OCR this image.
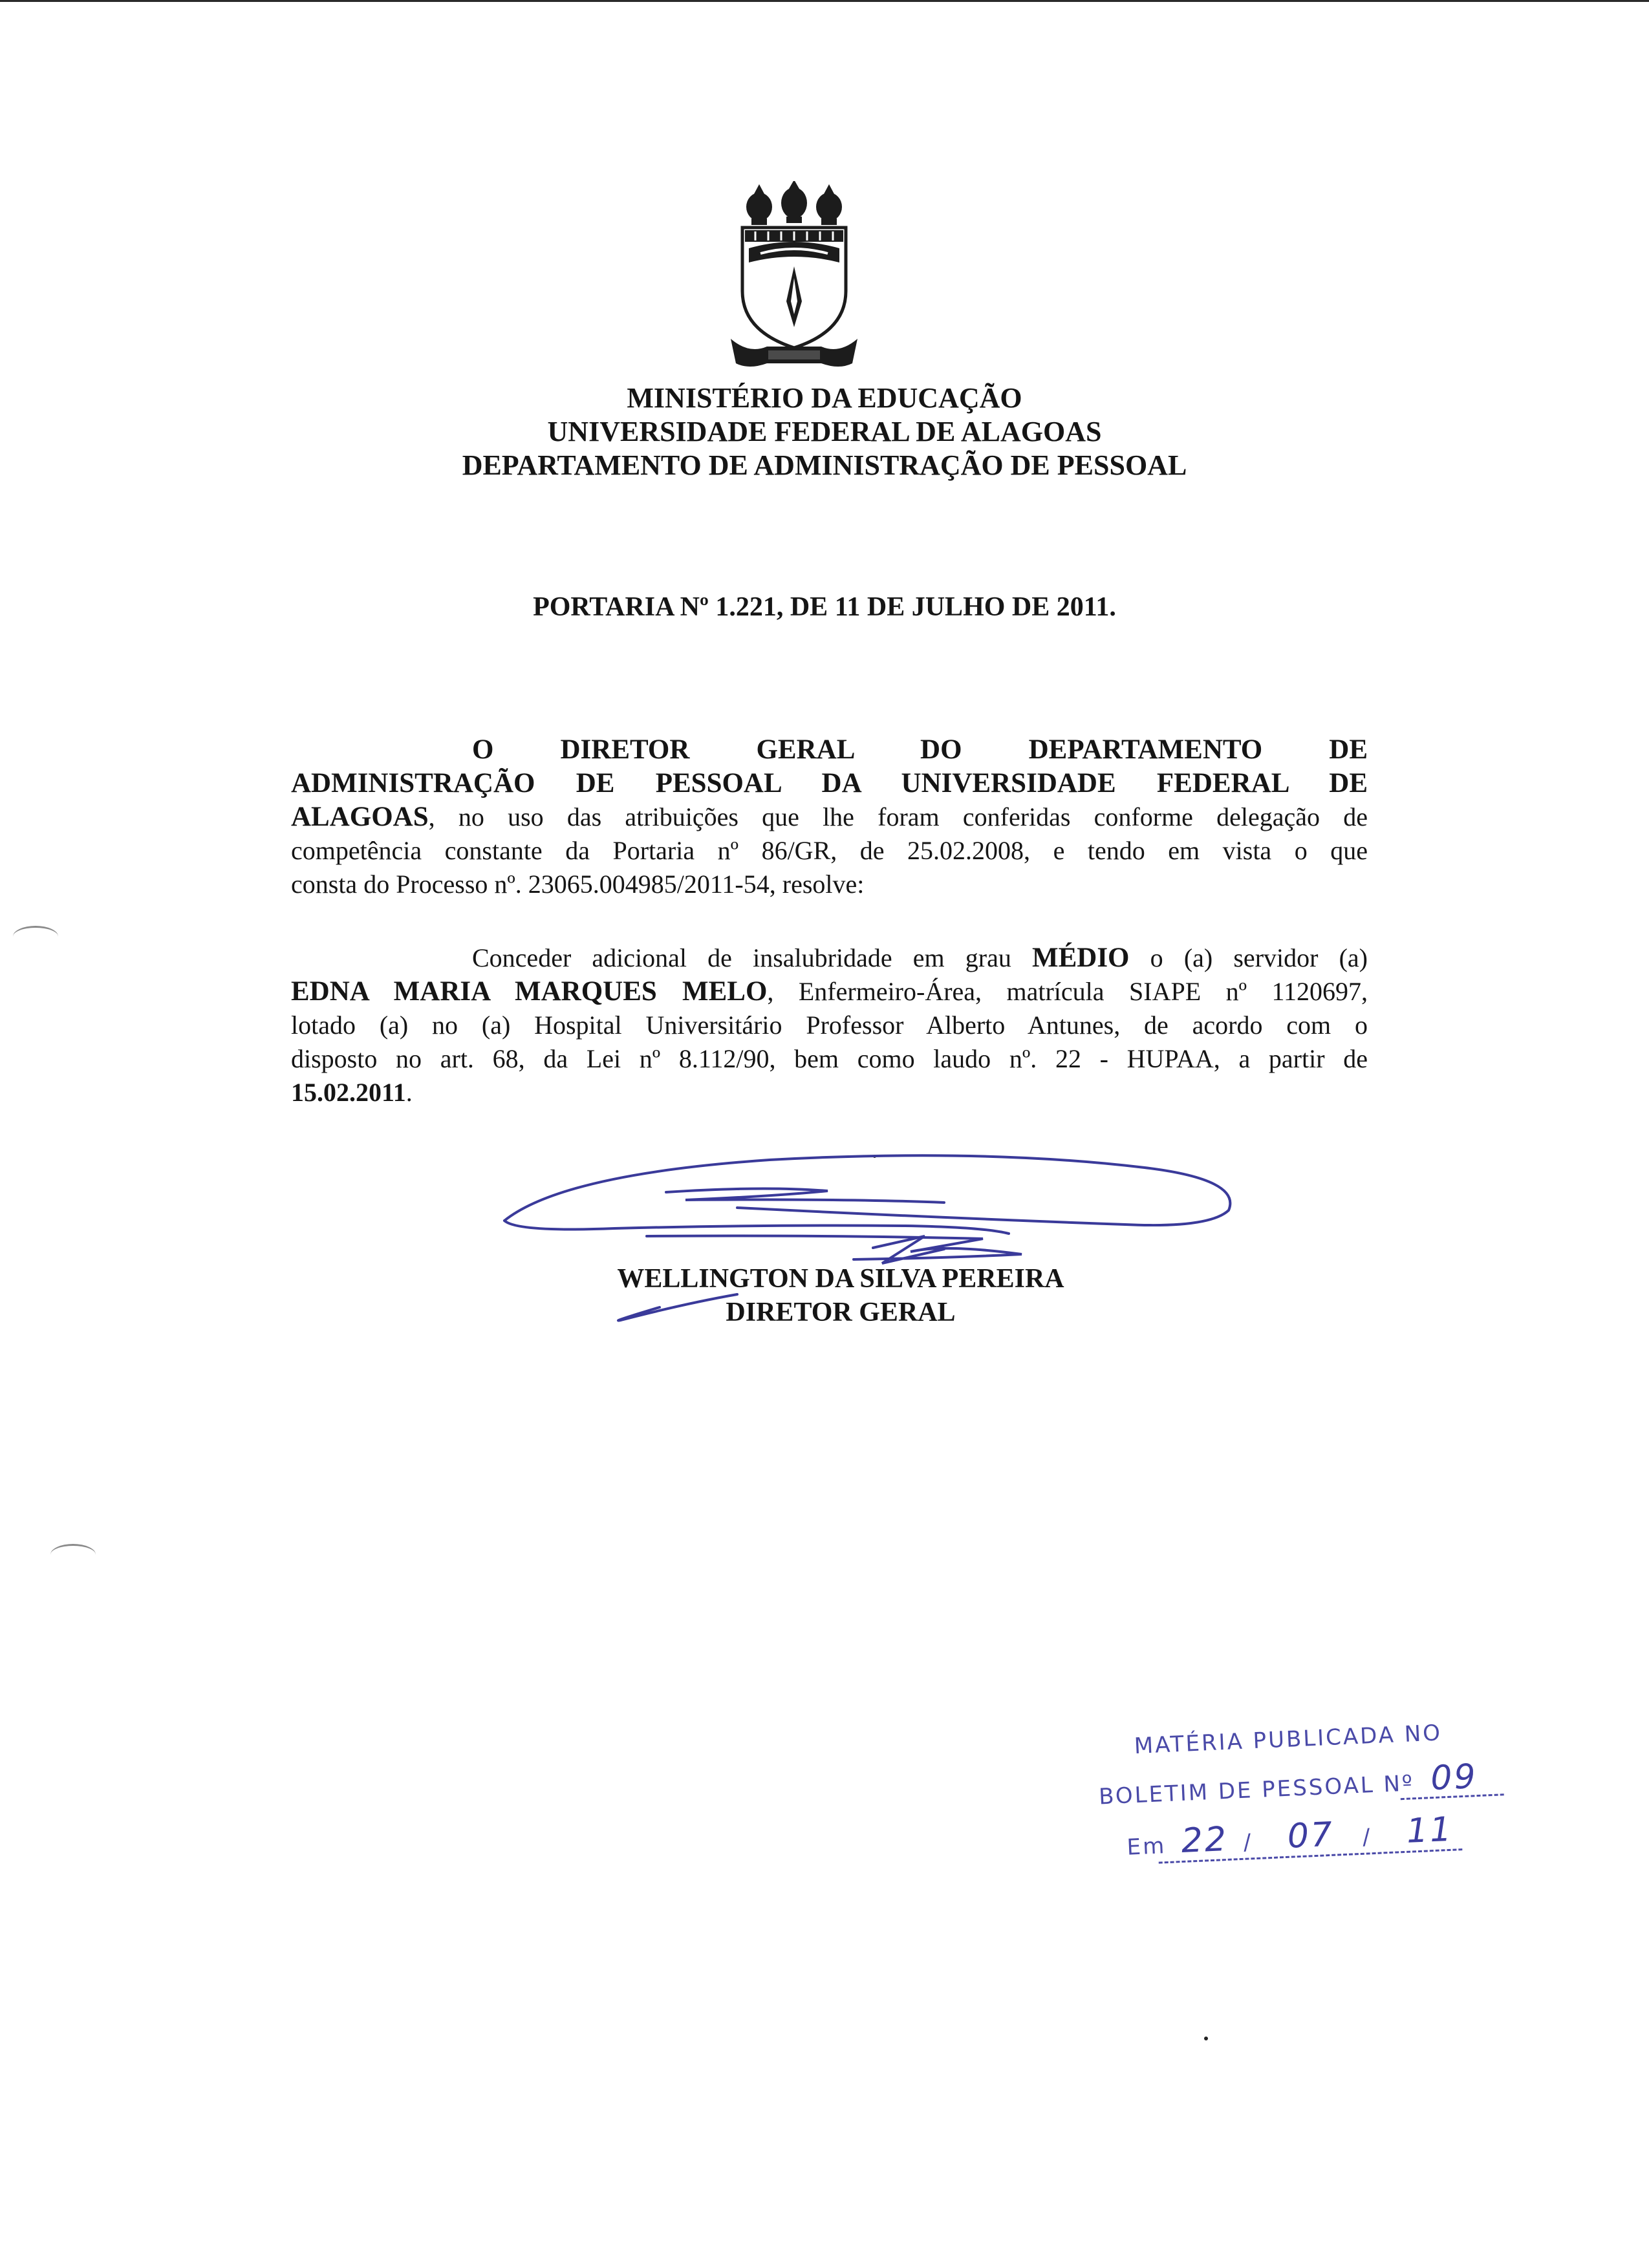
MINISTÉRIO DA EDUCAÇÃO
UNIVERSIDADE FEDERAL DE ALAGOAS
DEPARTAMENTO DE ADMINISTRAÇÃO DE PESSOAL
PORTARIA Nº 1.221, DE 11 DE JULHO DE 2011.
O DIRETOR GERAL DO DEPARTAMENTO DE
ADMINISTRAÇÃO DE PESSOAL DA UNIVERSIDADE FEDERAL DE
ALAGOAS, no uso das atribuições que lhe foram conferidas conforme delegação de
competência constante da Portaria nº 86/GR, de 25.02.2008, e tendo em vista o que
consta do Processo nº. 23065.004985/2011-54, resolve:
Conceder adicional de insalubridade em grau MÉDIO o (a) servidor (a)
EDNA MARIA MARQUES MELO, Enfermeiro-Área, matrícula SIAPE nº 1120697,
lotado (a) no (a) Hospital Universitário Professor Alberto Antunes, de acordo com o
disposto no art. 68, da Lei nº 8.112/90, bem como laudo nº. 22 - HUPAA, a partir de
15.02.2011.
WELLINGTON DA SILVA PEREIRA
DIRETOR GERAL
MATÉRIA PUBLICADA NO
BOLETIM DE PESSOAL Nº 09
Em 22 / 07 / 11
